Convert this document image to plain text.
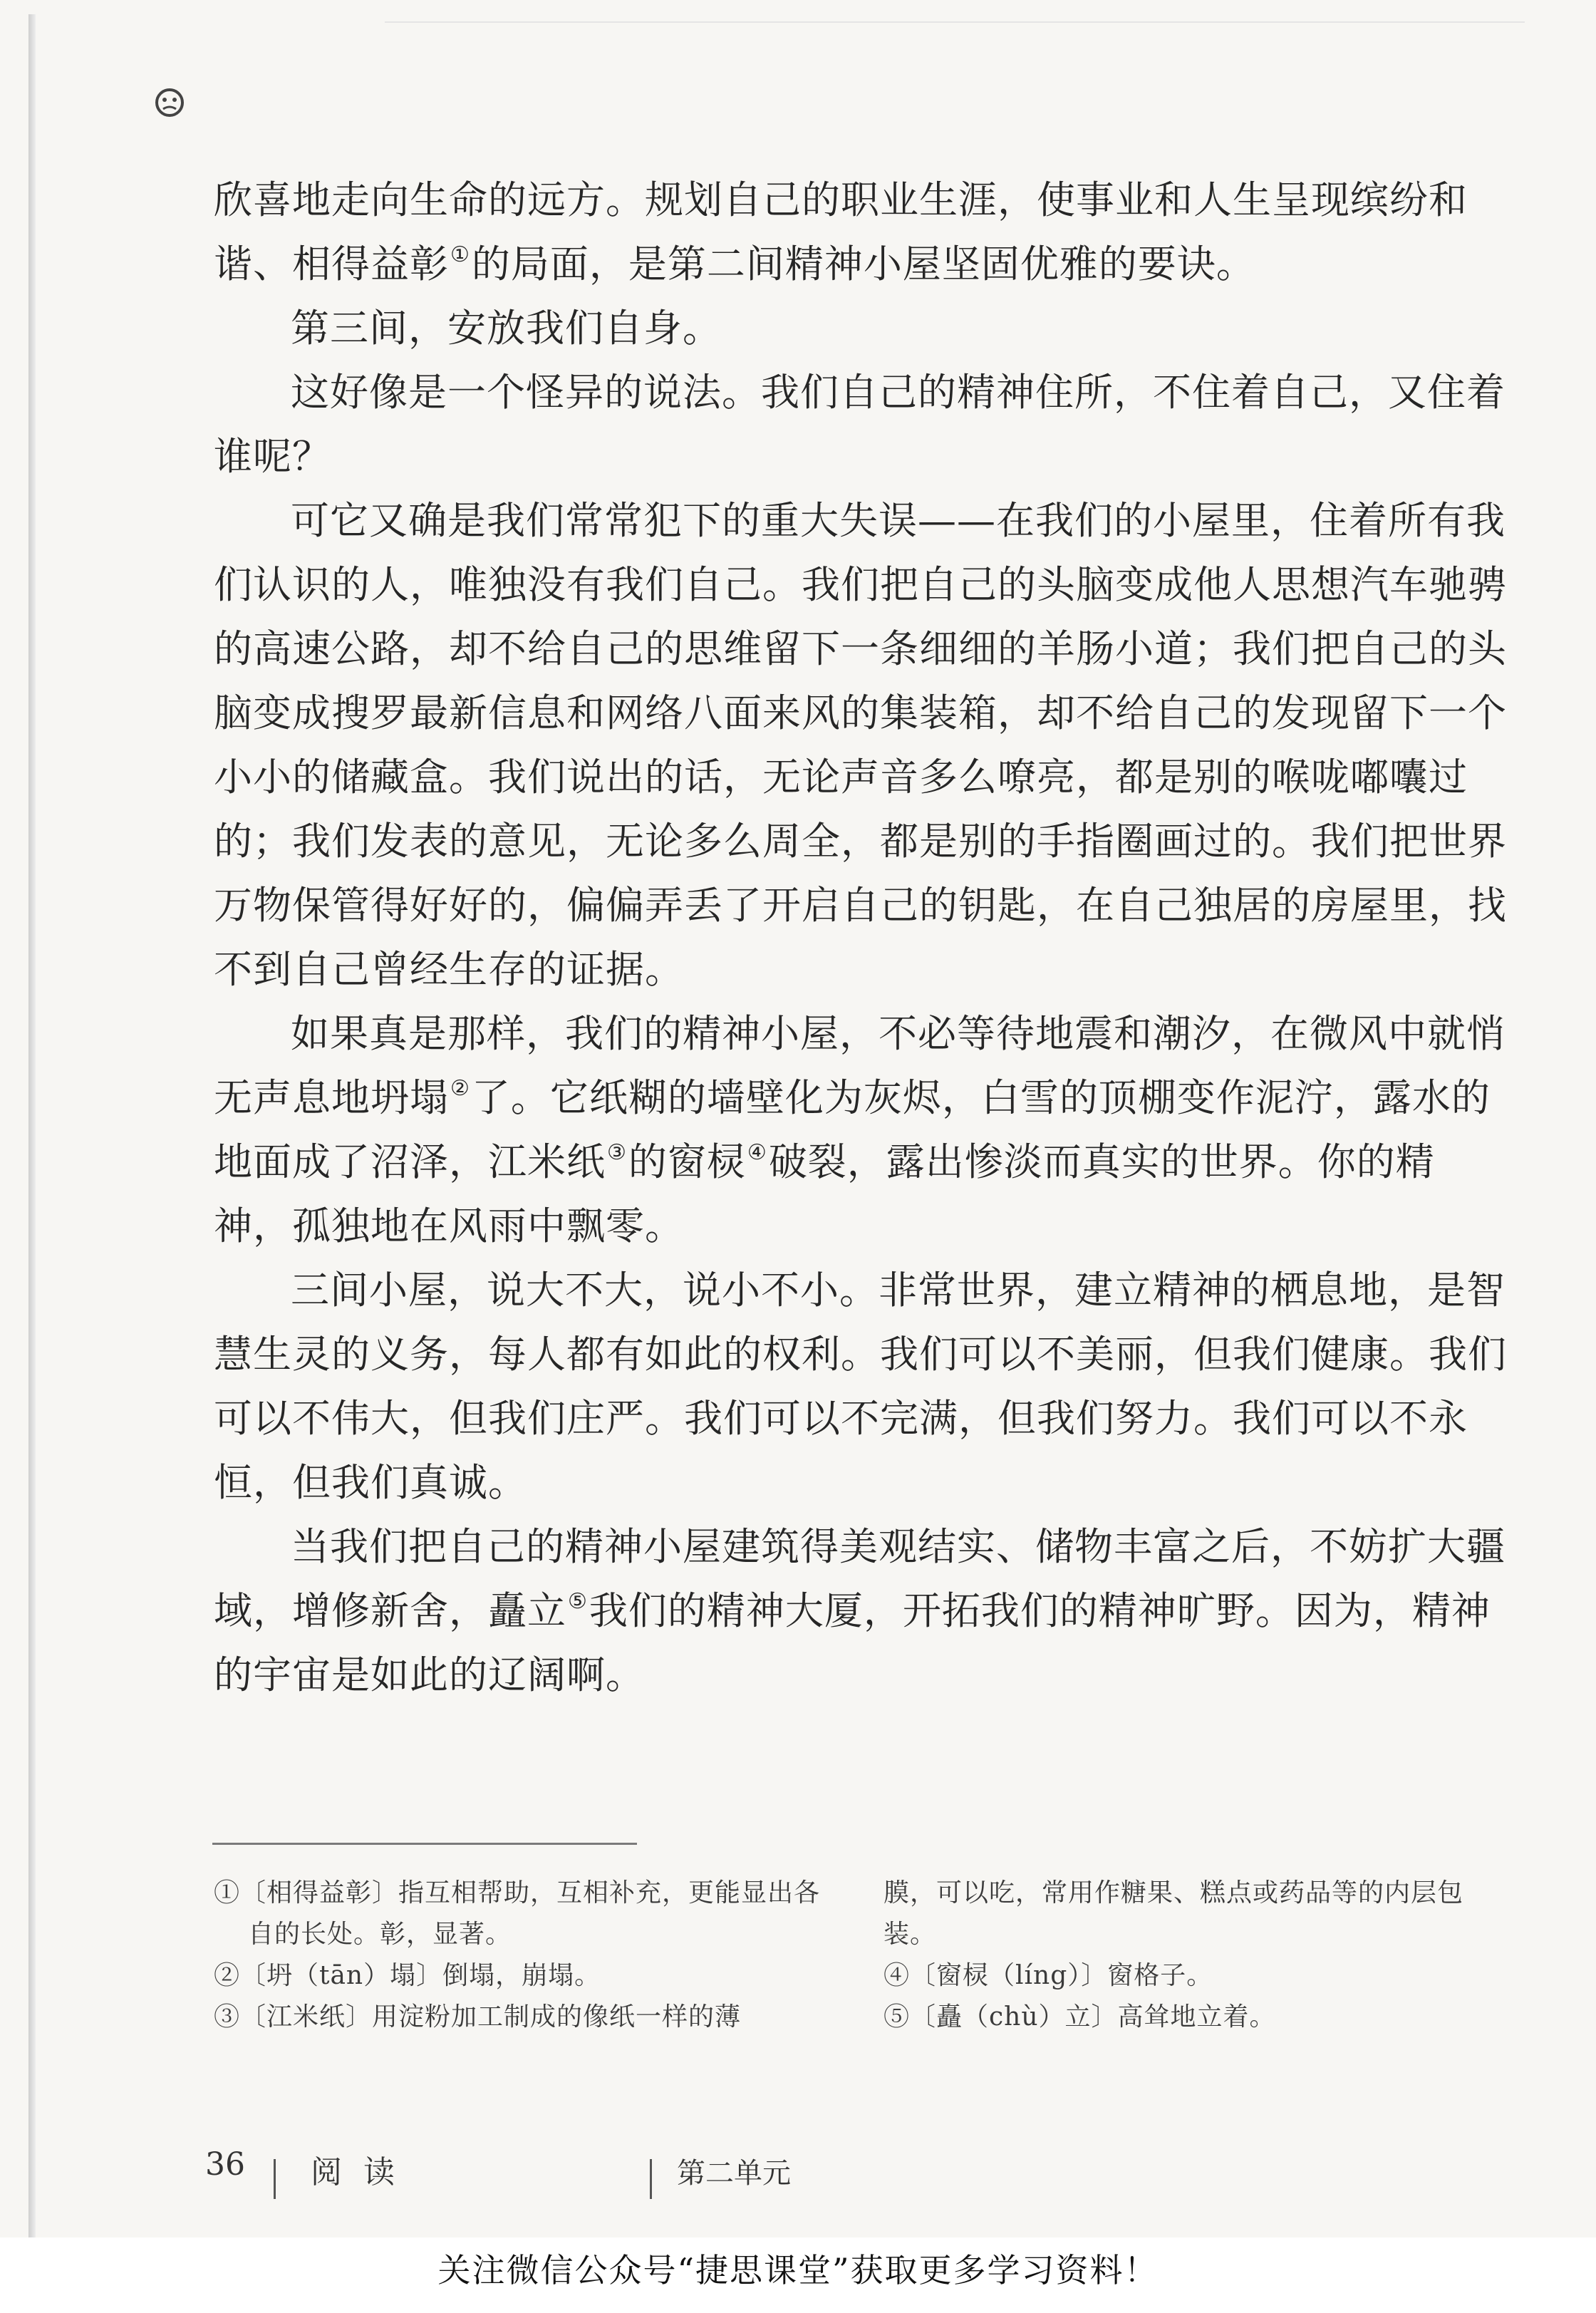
欣喜地走向生命的远方。规划自己的职业生涯，使事业和人生呈现缤纷和谐、相得益彰①的局面，是第二间精神小屋坚固优雅的要诀。

第三间，安放我们自身。

这好像是一个怪异的说法。我们自己的精神住所，不住着自己，又住着谁呢？

可它又确是我们常常犯下的重大失误——在我们的小屋里，住着所有我们认识的人，唯独没有我们自己。我们把自己的头脑变成他人思想汽车驰骋的高速公路，却不给自己的思维留下一条细细的羊肠小道；我们把自己的头脑变成搜罗最新信息和网络八面来风的集装箱，却不给自己的发现留下一个小小的储藏盒。我们说出的话，无论声音多么嘹亮，都是别的喉咙嘟囔过的；我们发表的意见，无论多么周全，都是别的手指圈画过的。我们把世界万物保管得好好的，偏偏弄丢了开启自己的钥匙，在自己独居的房屋里，找不到自己曾经生存的证据。

如果真是那样，我们的精神小屋，不必等待地震和潮汐，在微风中就悄无声息地坍塌②了。它纸糊的墙壁化为灰烬，白雪的顶棚变作泥泞，露水的地面成了沼泽，江米纸③的窗棂④破裂，露出惨淡而真实的世界。你的精神，孤独地在风雨中飘零。

三间小屋，说大不大，说小不小。非常世界，建立精神的栖息地，是智慧生灵的义务，每人都有如此的权利。我们可以不美丽，但我们健康。我们可以不伟大，但我们庄严。我们可以不完满，但我们努力。我们可以不永恒，但我们真诚。

当我们把自己的精神小屋建筑得美观结实、储物丰富之后，不妨扩大疆域，增修新舍，矗立⑤我们的精神大厦，开拓我们的精神旷野。因为，精神的宇宙是如此的辽阔啊。

①〔相得益彰〕指互相帮助，互相补充，更能显出各自的长处。彰，显著。

②〔坍（tān）塌〕倒塌，崩塌。

③〔江米纸〕用淀粉加工制成的像纸一样的薄

膜，可以吃，常用作糖果、糕点或药品等的内层包装。

④〔窗棂（líng）〕窗格子。

⑤〔矗（chù）立〕高耸地立着。

36 阅 读	第二单元
关注微信公众号“捷思课堂”获取更多学习资料！
